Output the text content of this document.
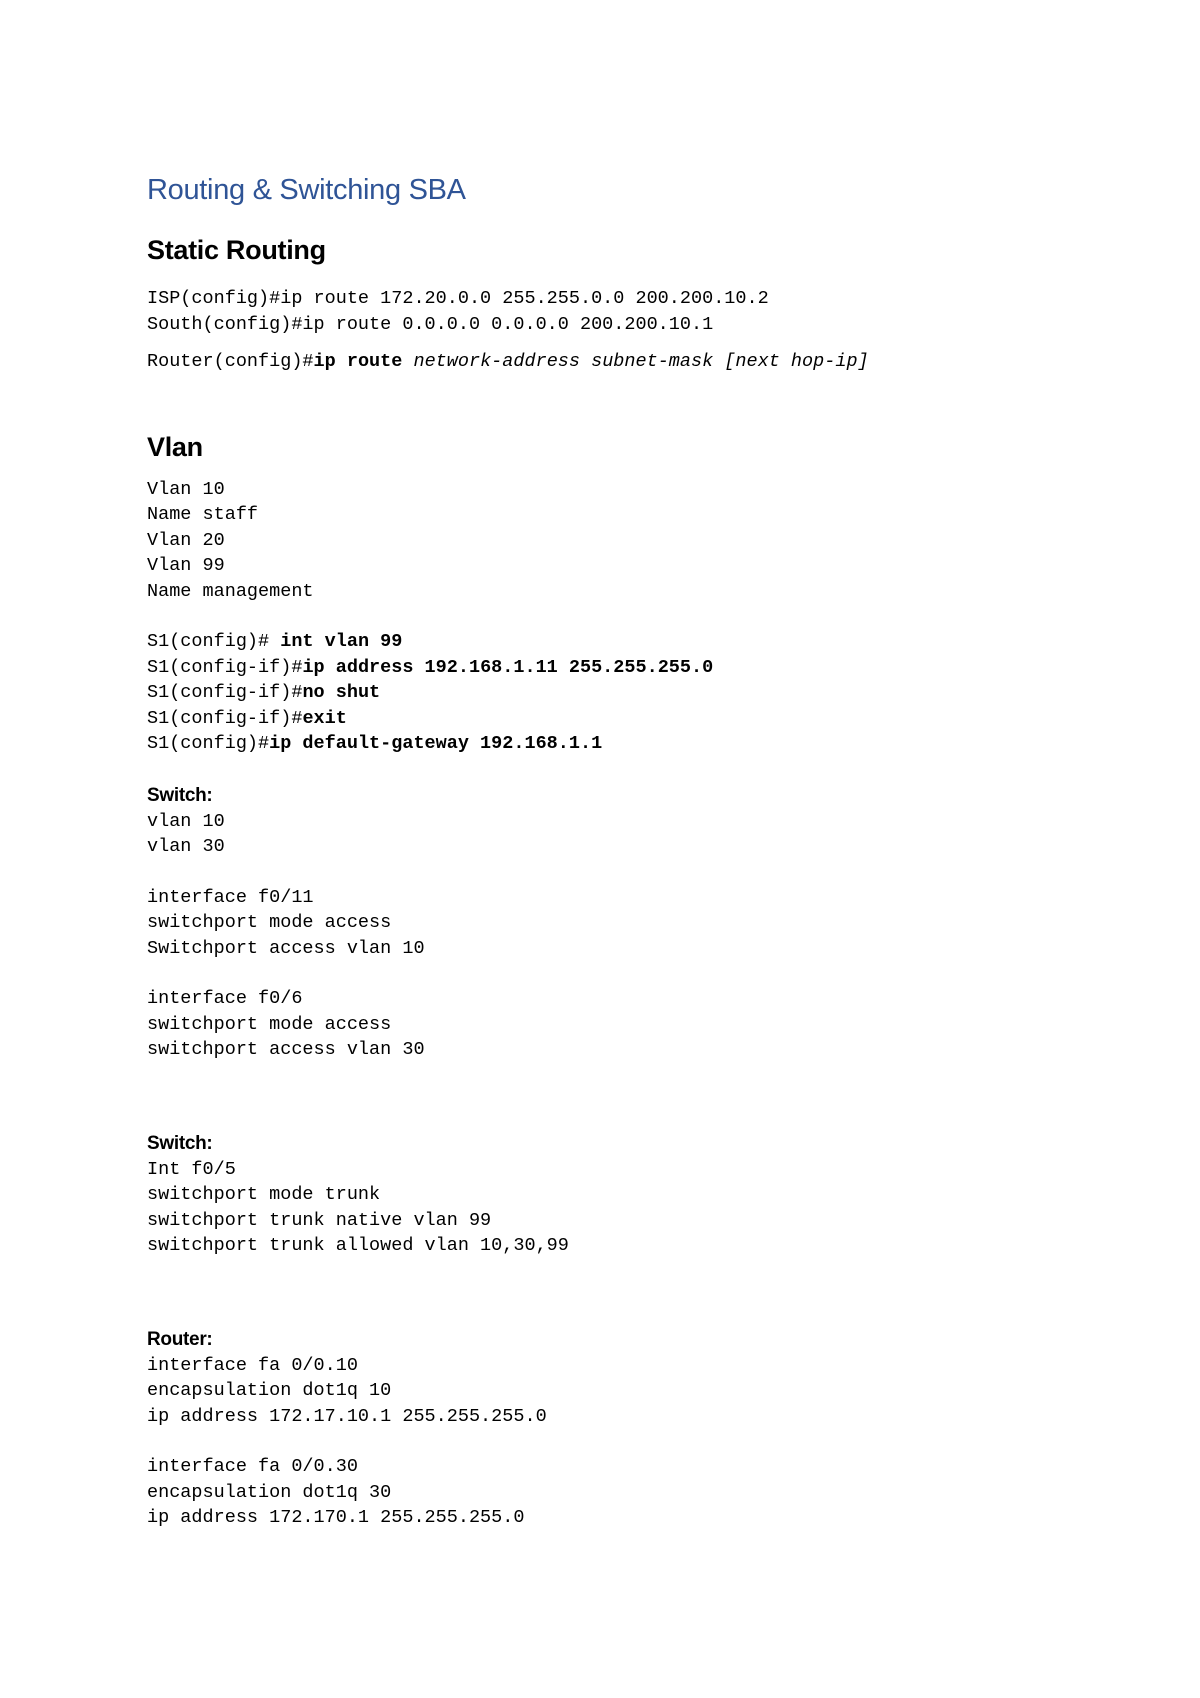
Routing & Switching SBA
Static Routing
ISP(config)#ip route 172.20.0.0 255.255.0.0 200.200.10.2
South(config)#ip route 0.0.0.0 0.0.0.0 200.200.10.1
Router(config)#ip route network-address subnet-mask [next hop-ip]
Vlan
Vlan 10
Name staff
Vlan 20
Vlan 99
Name management
S1(config)# int vlan 99
S1(config-if)#ip address 192.168.1.11 255.255.255.0
S1(config-if)#no shut
S1(config-if)#exit
S1(config)#ip default-gateway 192.168.1.1
Switch:
vlan 10
vlan 30
interface f0/11
switchport mode access
Switchport access vlan 10
interface f0/6
switchport mode access
switchport access vlan 30
Switch:
Int f0/5
switchport mode trunk
switchport trunk native vlan 99
switchport trunk allowed vlan 10,30,99
Router:
interface fa 0/0.10
encapsulation dot1q 10
ip address 172.17.10.1 255.255.255.0
interface fa 0/0.30
encapsulation dot1q 30
ip address 172.170.1 255.255.255.0
